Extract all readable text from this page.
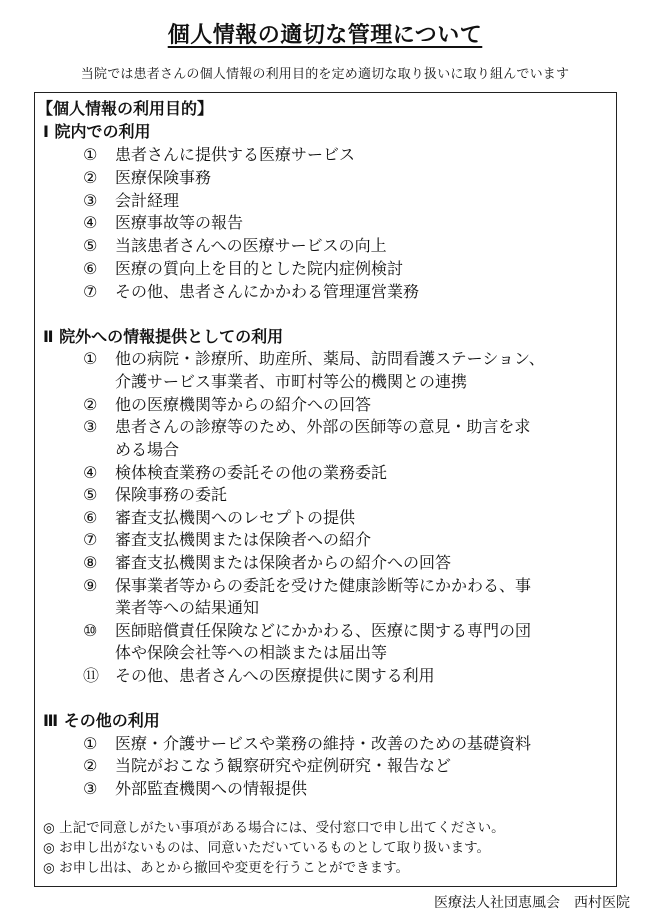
個人情報の適切な管理について
当院では患者さんの個人情報の利用目的を定め適切な取り扱いに取り組んでいます
【個人情報の利用目的】
Ⅰ 院内での利用
① 患者さんに提供する医療サービス
② 医療保険事務
③ 会計経理
④ 医療事故等の報告
⑤ 当該患者さんへの医療サービスの向上
⑥ 医療の質向上を目的とした院内症例検討
⑦ その他、患者さんにかかわる管理運営業務
Ⅱ 院外への情報提供としての利用
① 他の病院・診療所、助産所、薬局、訪問看護ステーション、
介護サービス事業者、市町村等公的機関との連携
② 他の医療機関等からの紹介への回答
③ 患者さんの診療等のため、外部の医師等の意見・助言を求
める場合
④ 検体検査業務の委託その他の業務委託
⑤ 保険事務の委託
⑥ 審査支払機関へのレセプトの提供
⑦ 審査支払機関または保険者への紹介
⑧ 審査支払機関または保険者からの紹介への回答
⑨ 保事業者等からの委託を受けた健康診断等にかかわる、事
業者等への結果通知
⑩ 医師賠償責任保険などにかかわる、医療に関する専門の団
体や保険会社等への相談または届出等
⑪ その他、患者さんへの医療提供に関する利用
Ⅲ その他の利用
① 医療・介護サービスや業務の維持・改善のための基礎資料
② 当院がおこなう観察研究や症例研究・報告など
③ 外部監査機関への情報提供
◎ 上記で同意しがたい事項がある場合には、受付窓口で申し出てください。
◎ お申し出がないものは、同意いただいているものとして取り扱います。
◎ お申し出は、あとから撤回や変更を行うことができます。
医療法人社団恵風会　西村医院
